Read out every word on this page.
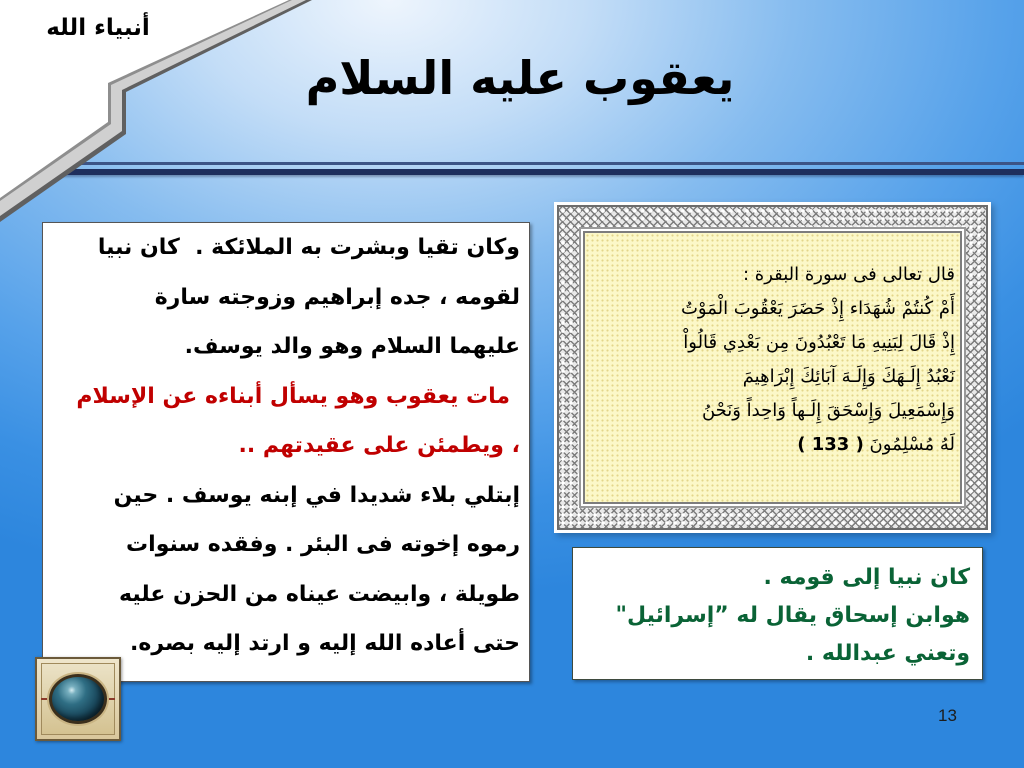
أنبياء الله
يعقوب عليه السلام
وكان تقيا وبشرت به الملائكة .  كان نبيا
لقومه ، جده إبراهيم وزوجته سارة
عليهما السلام وهو والد يوسف.
مات يعقوب وهو يسأل أبناءه عن الإسلام
، ويطمئن على عقيدتهم ..
إبتلي بلاء شديدا في إبنه يوسف . حين
رموه إخوته فى البئر . وفقده سنوات
طويلة ، وابيضت عيناه من الحزن عليه
حتى أعاده الله إليه و ارتد إليه بصره.
قال تعالى فى سورة البقرة :
أَمْ كُنتُمْ شُهَدَاء إِذْ حَضَرَ يَعْقُوبَ الْمَوْتُ
إِذْ قَالَ لِبَنِيهِ مَا تَعْبُدُونَ مِن بَعْدِي قَالُواْ
نَعْبُدُ إِلَـهَكَ وَإِلَـهَ آبَائِكَ إِبْرَاهِيمَ
وَإِسْمَعِيلَ وَإِسْحَقَ إِلَـهاً وَاحِداً وَنَحْنُ
لَهُ مُسْلِمُونَ ( 133 )
كان نبيا إلى قومه .
هوابن إسحاق يقال له ”إسرائيل"
وتعني عبدالله .
13
